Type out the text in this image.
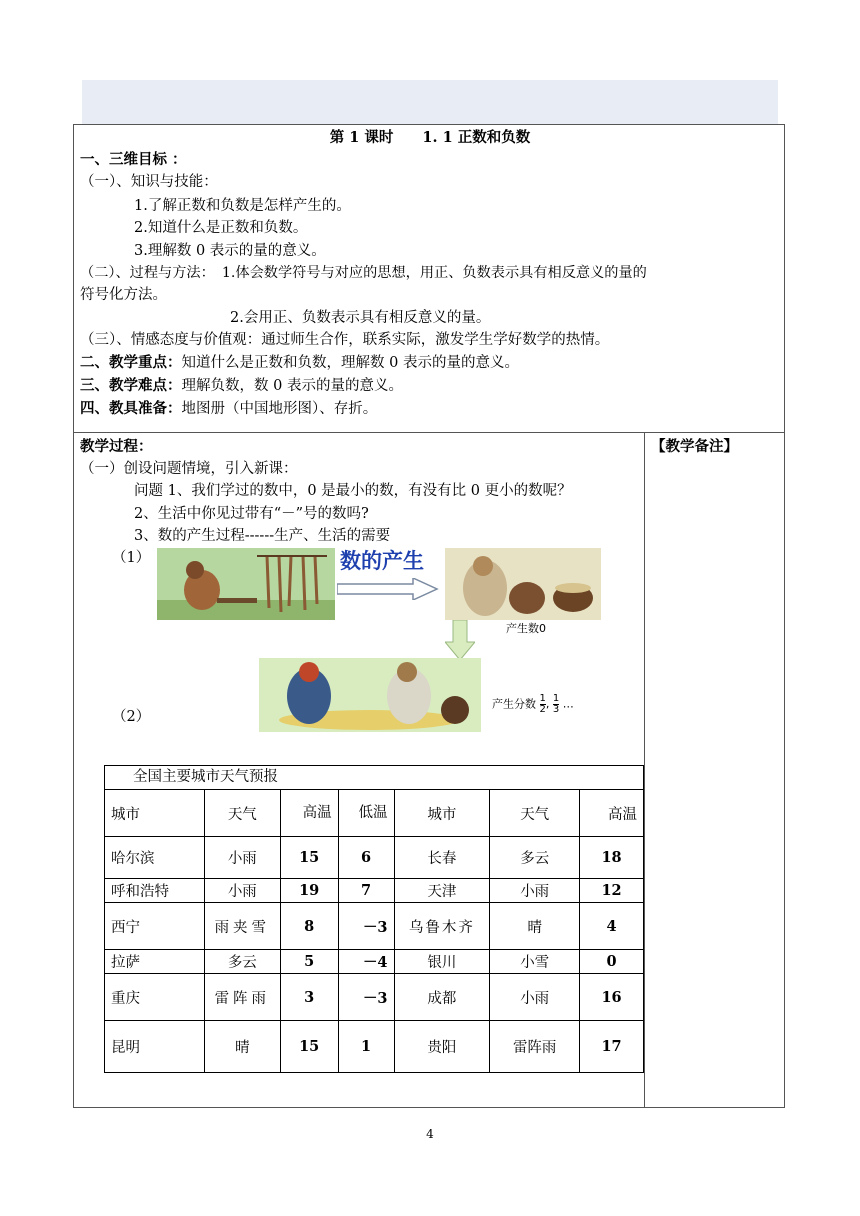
第 1 课时　　1. 1 正数和负数
一、三维目标 ：
（一）、知识与技能：
1.了解正数和负数是怎样产生的。
2.知道什么是正数和负数。
3.理解数 0 表示的量的意义。
（二）、过程与方法：　1.体会数学符号与对应的思想，用正、负数表示具有相反意义的量的
符号化方法。
2.会用正、负数表示具有相反意义的量。
（三）、情感态度与价值观：通过师生合作，联系实际，激发学生学好数学的热情。
二、教学重点：知道什么是正数和负数，理解数 0 表示的量的意义。
三、教学难点：理解负数，数 0 表示的量的意义。
四、教具准备：地图册（中国地形图）、存折。
教学过程：	【教学备注】
（一）创设问题情境，引入新课：
问题 1、我们学过的数中，0 是最小的数，有没有比 0 更小的数呢？
2、生活中你见过带有“－”号的数吗?
3、数的产生过程------生产、生活的需要
（1）
（2）
数的产生
产生数0
产生分数 $\frac{1}{2}$ , $\frac{1}{3}$ …
全国主要城市天气预报
城市	天气	高温	低温	城市	天气	高温
哈尔滨	小雨	15	6	长春	多云	18
呼和浩特	小雨	19	7	天津	小雨	12
西宁	雨夹雪	8	－3	乌鲁木齐	晴	4
拉萨	多云	5	－4	银川	小雪	0
重庆	雷阵雨	3	－3	成都	小雨	16
昆明	晴	15	1	贵阳	雷阵雨	17
4
